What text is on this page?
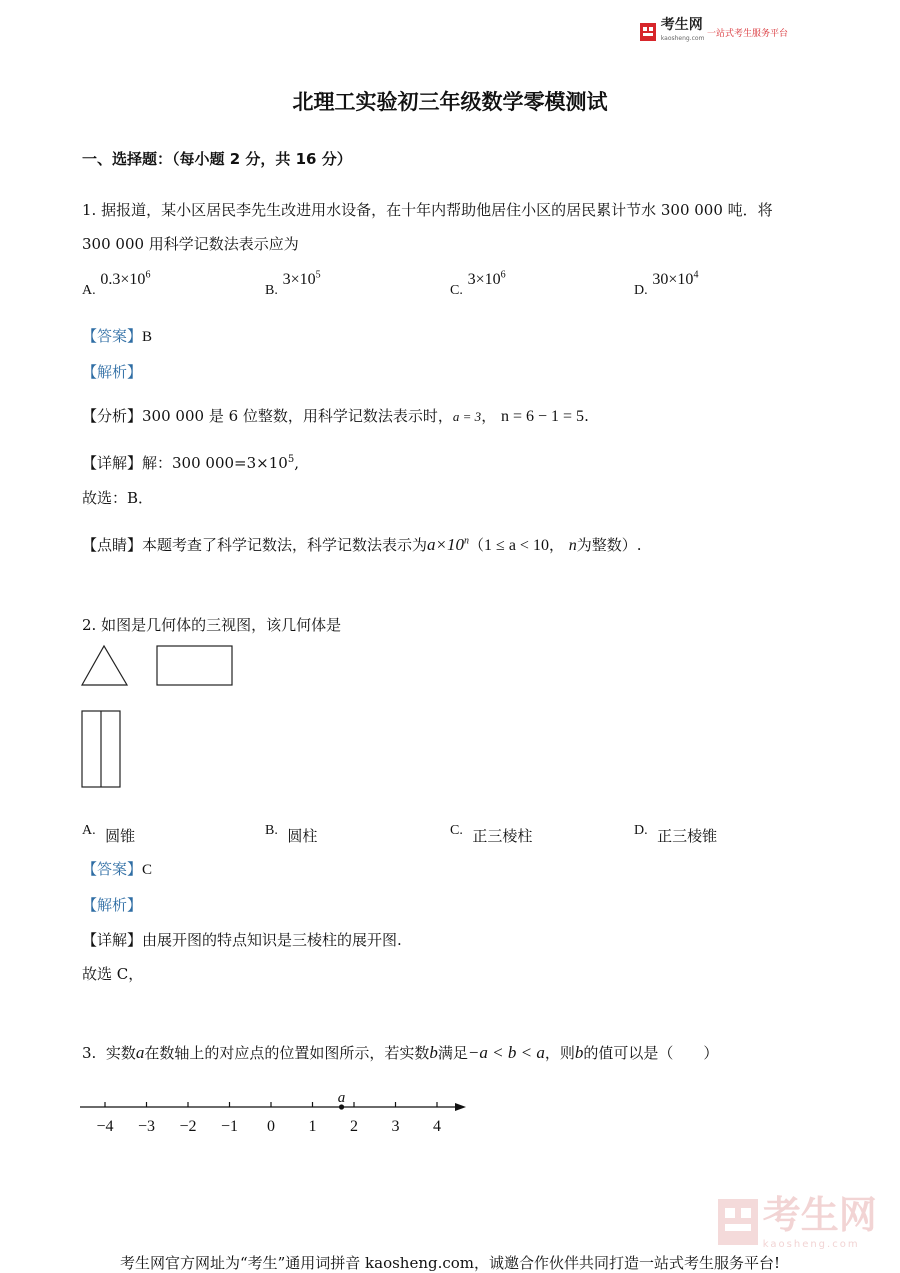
考生网
kaosheng.com 一站式考生服务平台
北理工实验初三年级数学零模测试
一、选择题：（每小题 2 分，共 16 分）
1. 据报道，某小区居民李先生改进用水设备，在十年内帮助他居住小区的居民累计节水 300 000 吨．将
300 000 用科学记数法表示应为
A. $0.3\times 10^6$
B. $3\times 10^5$
C. $3\times 10^6$
D. $30\times 10^4$
【答案】B
【解析】
【分析】300 000 是 6 位整数，用科学记数法表示时，a = 3， n = 6 − 1 = 5.
【详解】解：300 $000=3\times 10^5$,
故选：B．
【点睛】本题考查了科学记数法，科学记数法表示为$a\times 10^n(1 \le a < 10$， n为整数）.
2. 如图是几何体的三视图，该几何体是
A. 圆锥	B. 圆柱	C. 正三棱柱	D. 正三棱锥
【答案】C
【解析】
【详解】由展开图的特点知识是三棱柱的展开图.
故选 C，
3. 实数a在数轴上的对应点的位置如图所示，若实数b满足−a < b < a，则b的值可以是（　　）
−4 −3 −2 −1 0 1 2 3 4
a
考生网

kaosheng.com
考生网官方网址为“考生”通用词拼音 kaosheng.com，诚邀合作伙伴共同打造一站式考生服务平台!
